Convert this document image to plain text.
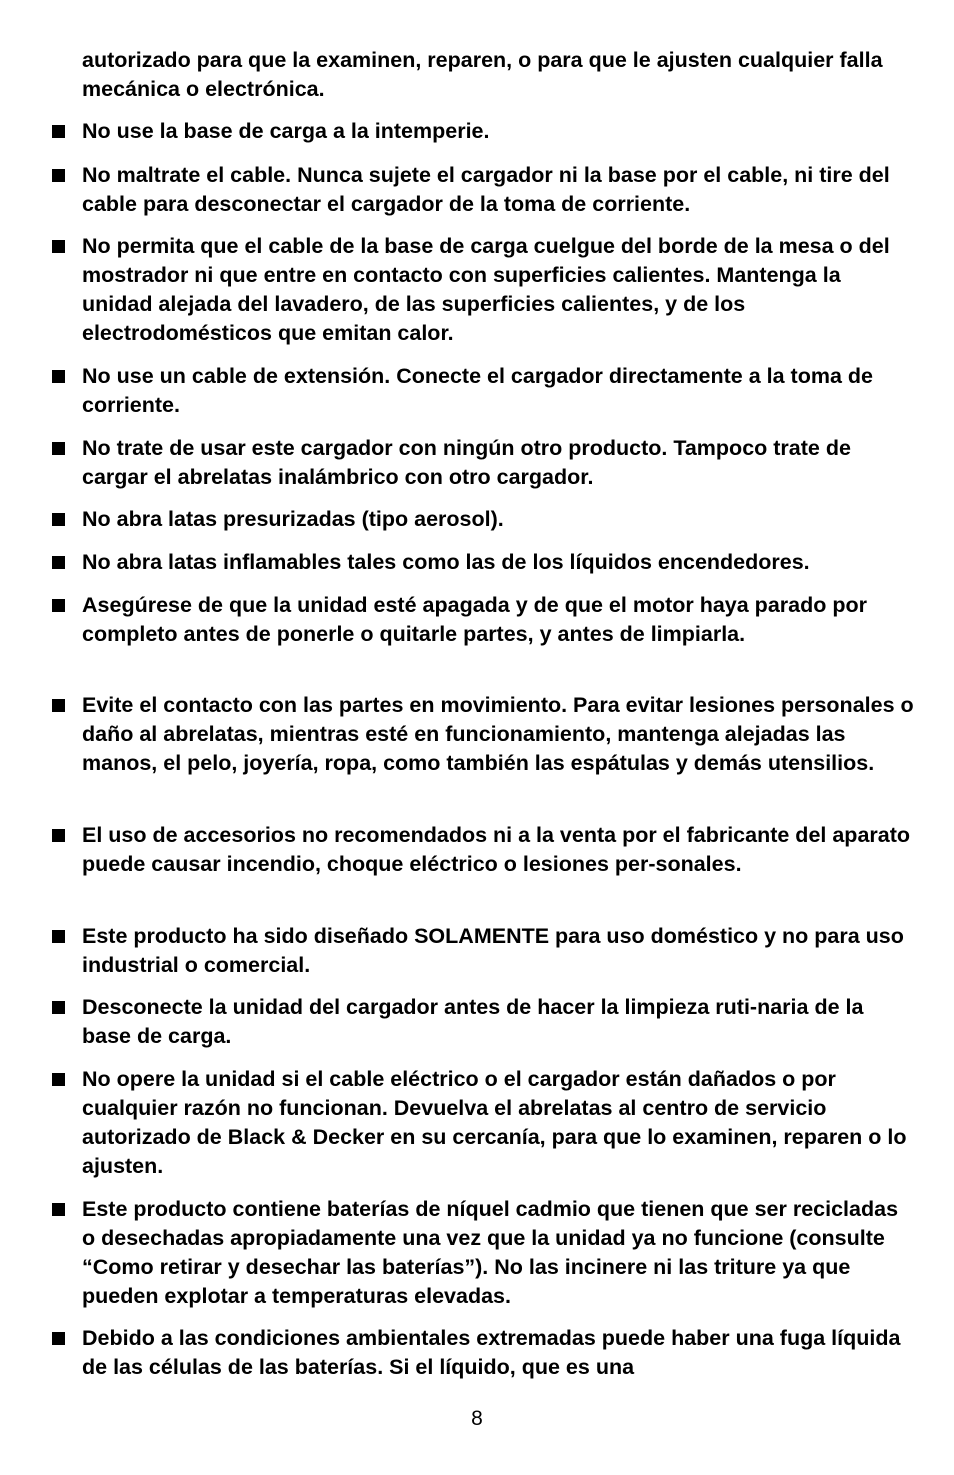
autorizado para que la examinen, reparen, o para que le ajusten cualquier falla mecánica o electrónica.

No use la base de carga a la intemperie.
No maltrate el cable. Nunca sujete el cargador ni la base por el cable, ni tire del cable para desconectar el cargador de la toma de corriente.
No permita que el cable de la base de carga cuelgue del borde de la mesa o del mostrador ni que entre en contacto con superficies calientes. Mantenga la unidad alejada del lavadero, de las superficies calientes, y de los electrodomésticos que emitan calor.
No use un cable de extensión. Conecte el cargador directamente a la toma de corriente.
No trate de usar este cargador con ningún otro producto. Tampoco trate de cargar el abrelatas inalámbrico con otro cargador.
No abra latas presurizadas (tipo aerosol).
No abra latas inflamables tales como las de los líquidos encendedores.
Asegúrese de que la unidad esté apagada y de que el motor haya parado por completo antes de ponerle o quitarle partes, y antes de limpiarla.
Evite el contacto con las partes en movimiento. Para evitar lesiones personales o daño al abrelatas, mientras esté en funcionamiento, mantenga alejadas las manos, el pelo, joyería, ropa, como también las espátulas y demás utensilios.
El uso de accesorios no recomendados ni a la venta por el fabricante del aparato puede causar incendio, choque eléctrico o lesiones per-sonales.
Este producto ha sido diseñado SOLAMENTE para uso doméstico y no para uso industrial o comercial.
Desconecte la unidad del cargador antes de hacer la limpieza ruti-naria de la base de carga.
No opere la unidad si el cable eléctrico o el cargador están dañados o por cualquier razón no funcionan. Devuelva el abrelatas al centro de servicio autorizado de Black & Decker en su cercanía, para que lo examinen, reparen o lo ajusten.
Este producto contiene baterías de níquel cadmio que tienen que ser recicladas o desechadas apropiadamente una vez que la unidad ya no funcione (consulte “Como retirar y desechar las baterías”). No las incinere ni las triture ya que pueden explotar a temperaturas elevadas.
Debido a las condiciones ambientales extremadas puede haber una fuga líquida de las células de las baterías. Si el líquido, que es una
8
